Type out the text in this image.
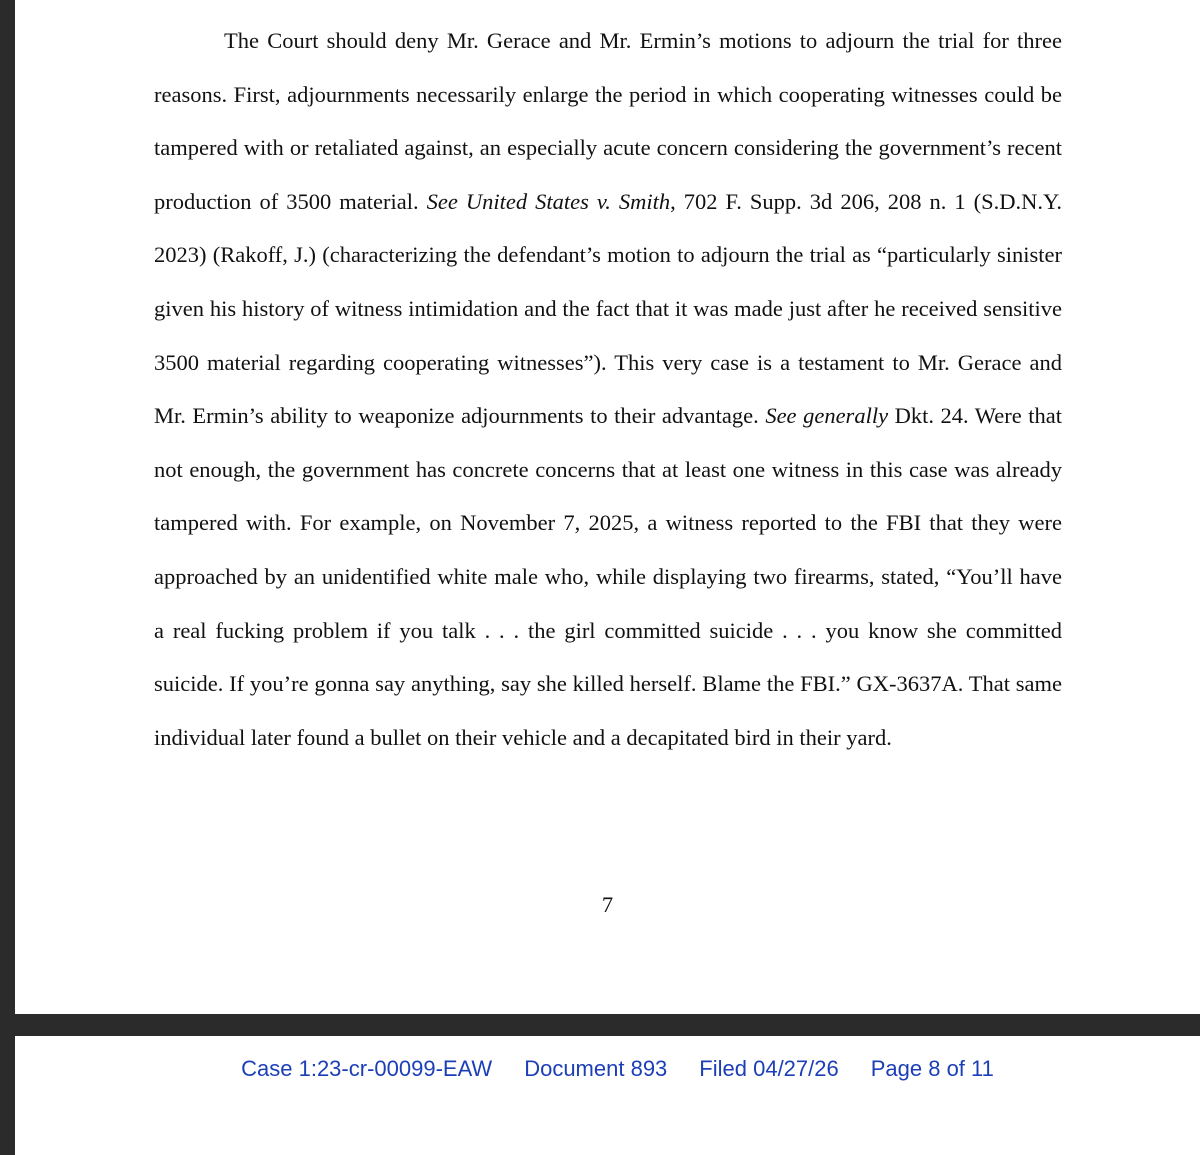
The Court should deny Mr. Gerace and Mr. Ermin’s motions to adjourn the trial for three reasons. First, adjournments necessarily enlarge the period in which cooperating witnesses could be tampered with or retaliated against, an especially acute concern considering the government’s recent production of 3500 material. See United States v. Smith, 702 F. Supp. 3d 206, 208 n. 1 (S.D.N.Y. 2023) (Rakoff, J.) (characterizing the defendant’s motion to adjourn the trial as “particularly sinister given his history of witness intimidation and the fact that it was made just after he received sensitive 3500 material regarding cooperating witnesses”). This very case is a testament to Mr. Gerace and Mr. Ermin’s ability to weaponize adjournments to their advantage. See generally Dkt. 24. Were that not enough, the government has concrete concerns that at least one witness in this case was already tampered with. For example, on November 7, 2025, a witness reported to the FBI that they were approached by an unidentified white male who, while displaying two firearms, stated, “You’ll have a real fucking problem if you talk . . . the girl committed suicide . . . you know she committed suicide. If you’re gonna say anything, say she killed herself. Blame the FBI.” GX-3637A. That same individual later found a bullet on their vehicle and a decapitated bird in their yard.

7
Case 1:23-cr-00099-EAW Document 893 Filed 04/27/26 Page 8 of 11
